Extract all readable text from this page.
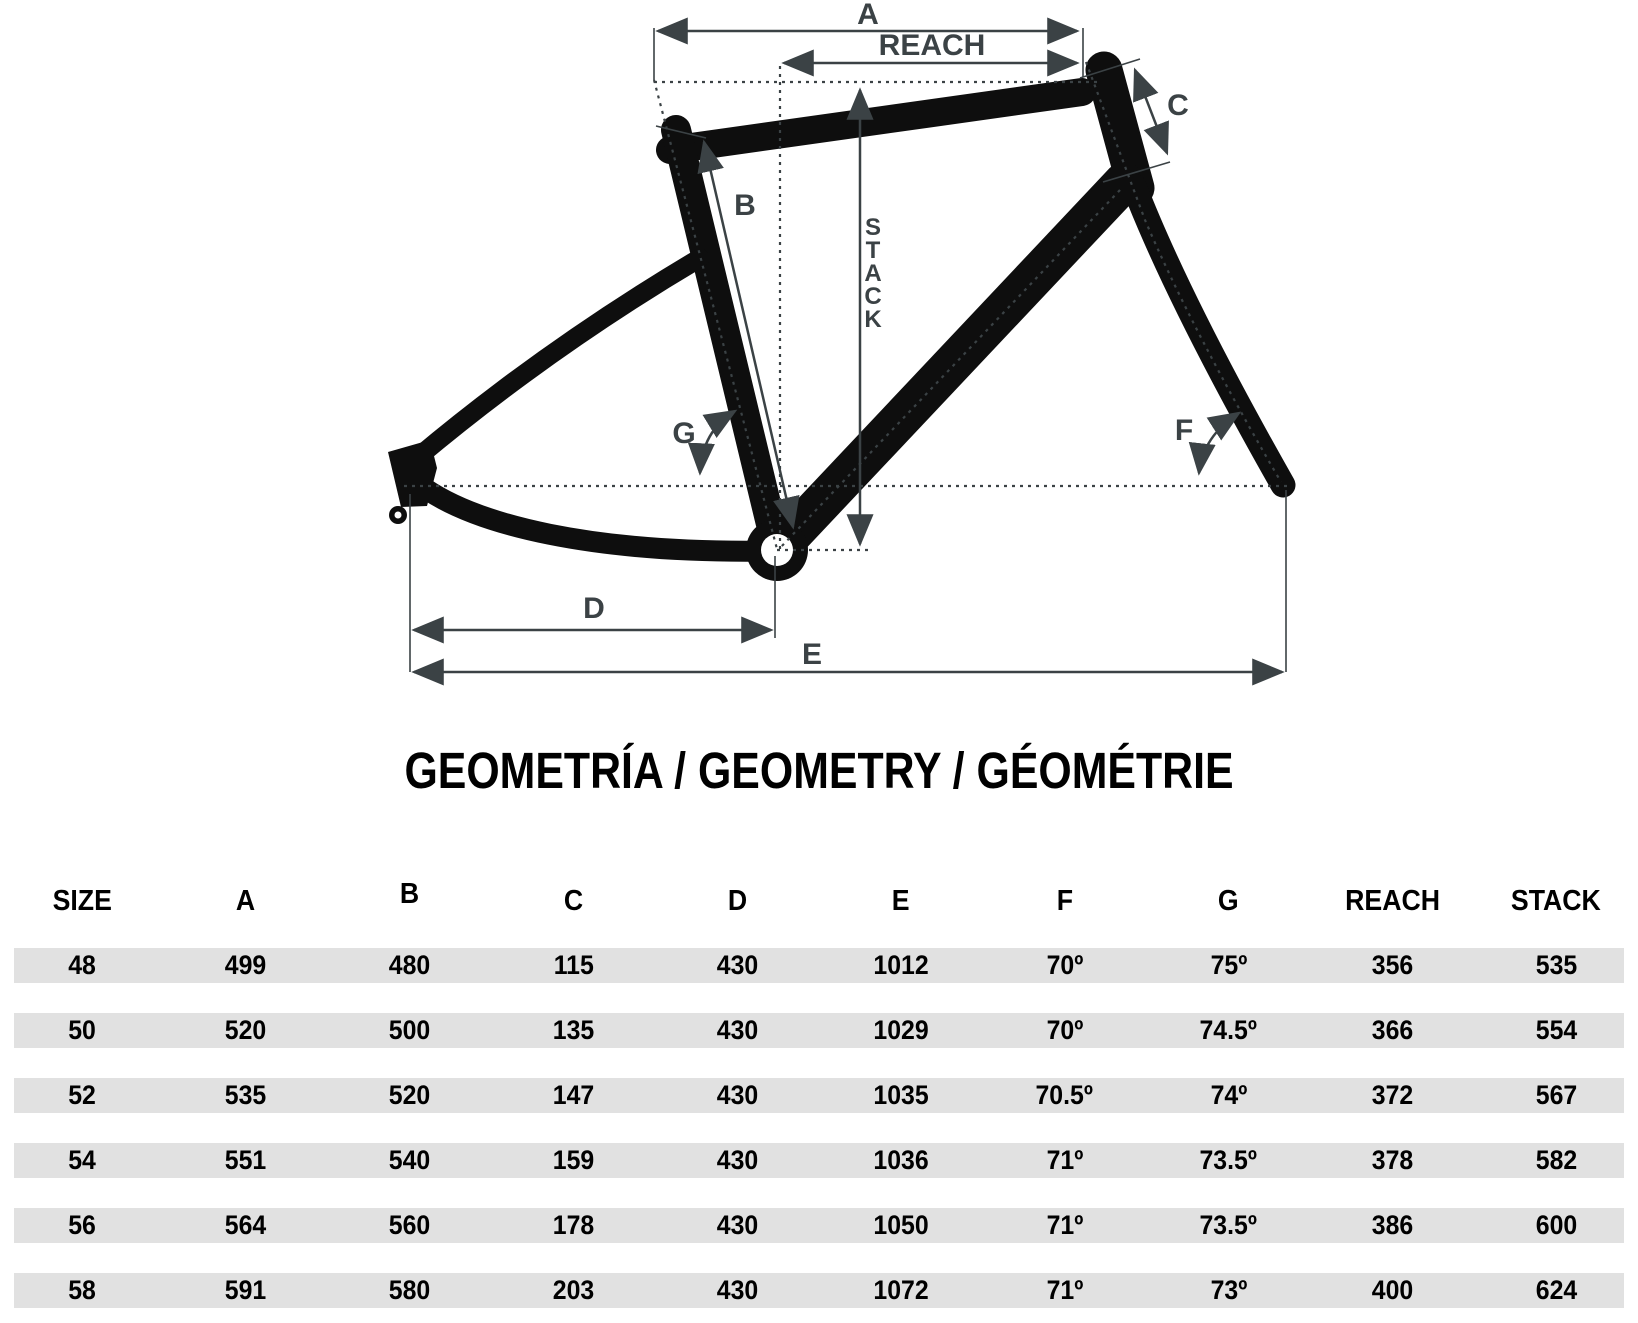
A
REACH
B
C
D
E
F
G
S
T
A
C
K
GEOMETRÍA / GEOMETRY / GÉOMÉTRIE
SIZE	A	B	C	D	E	F	G	REACH	STACK
48	499	480	115	430	1012	70º	75º	356	535
50	520	500	135	430	1029	70º	74.5º	366	554
52	535	520	147	430	1035	70.5º	74º	372	567
54	551	540	159	430	1036	71º	73.5º	378	582
56	564	560	178	430	1050	71º	73.5º	386	600
58	591	580	203	430	1072	71º	73º	400	624
